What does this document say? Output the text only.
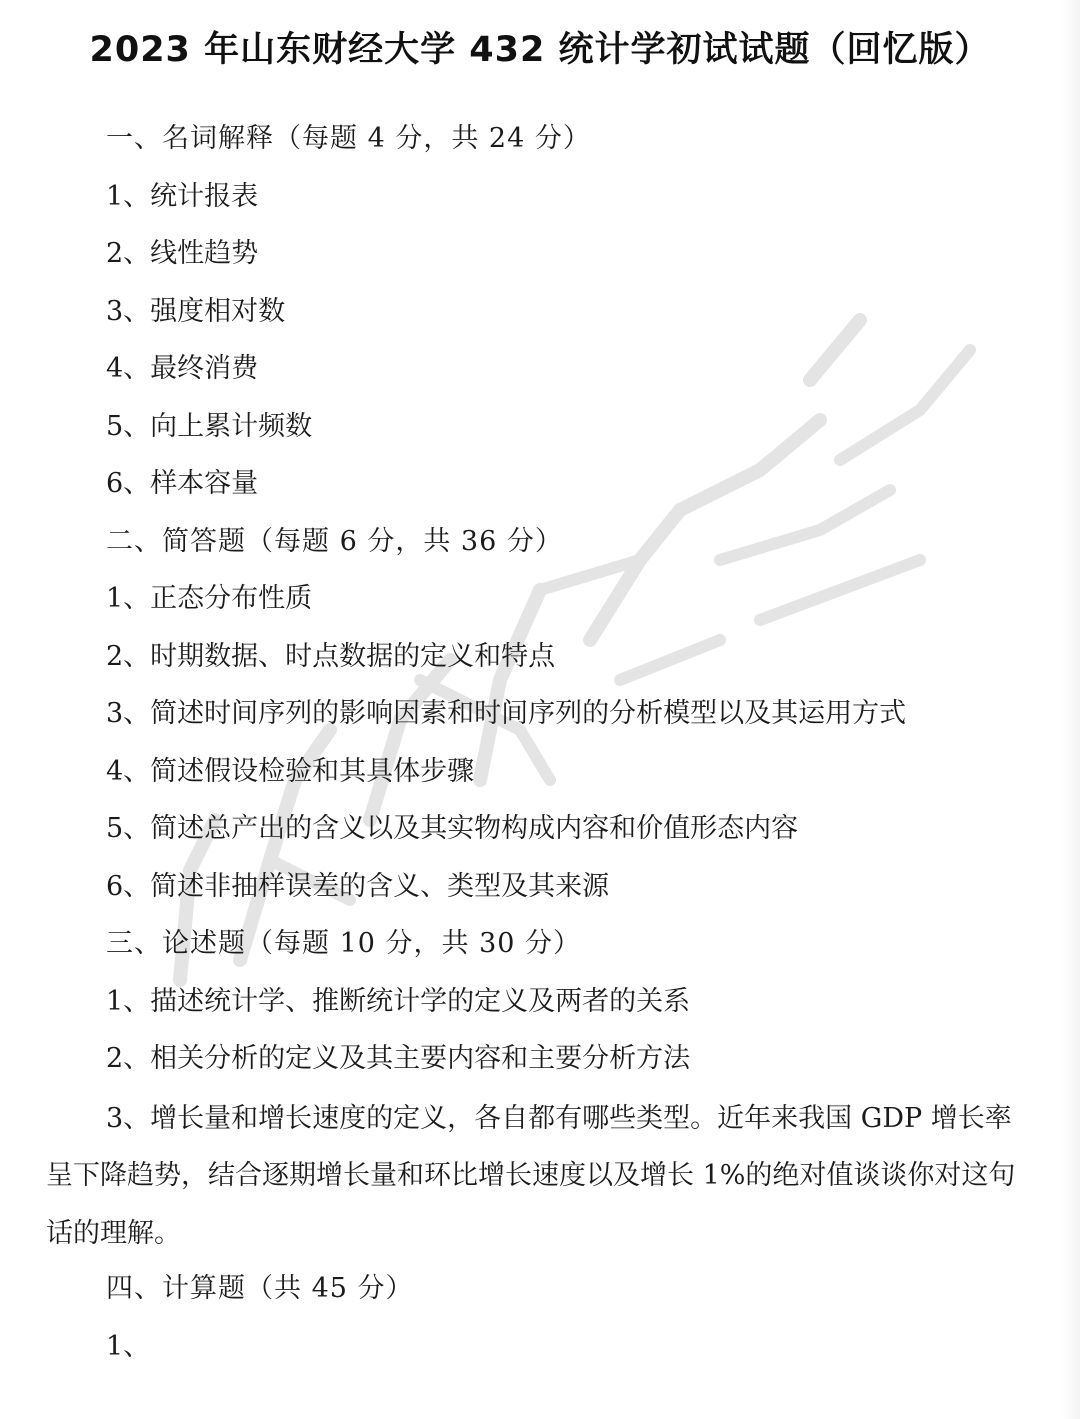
2023 年山东财经大学 432 统计学初试试题（回忆版）
一、名词解释（每题 4 分，共 24 分）
1、统计报表
2、线性趋势
3、强度相对数
4、最终消费
5、向上累计频数
6、样本容量
二、简答题（每题 6 分，共 36 分）
1、正态分布性质
2、时期数据、时点数据的定义和特点
3、简述时间序列的影响因素和时间序列的分析模型以及其运用方式
4、简述假设检验和其具体步骤
5、简述总产出的含义以及其实物构成内容和价值形态内容
6、简述非抽样误差的含义、类型及其来源
三、论述题（每题 10 分，共 30 分）
1、描述统计学、推断统计学的定义及两者的关系
2、相关分析的定义及其主要内容和主要分析方法
3、增长量和增长速度的定义，各自都有哪些类型。近年来我国 GDP 增长率呈下降趋势，结合逐期增长量和环比增长速度以及增长 1%的绝对值谈谈你对这句话的理解。
四、计算题（共 45 分）
1、
